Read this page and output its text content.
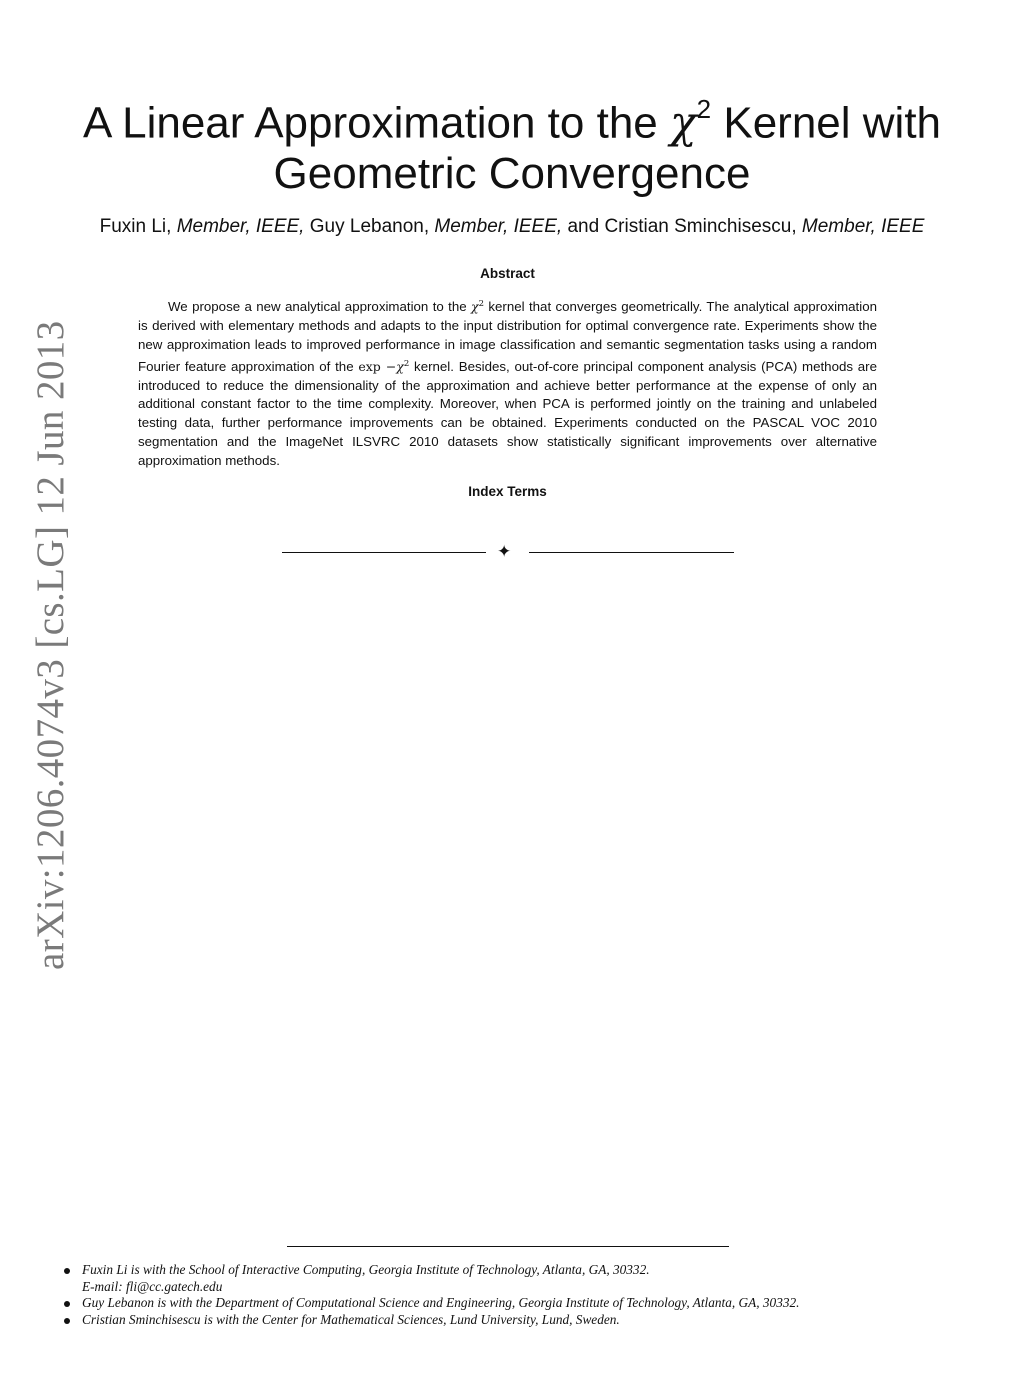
arXiv:1206.4074v3 [cs.LG] 12 Jun 2013
A Linear Approximation to the $\chi^2$ Kernel with
Geometric Convergence
Fuxin Li, Member, IEEE, Guy Lebanon, Member, IEEE, and Cristian Sminchisescu, Member, IEEE
Abstract

We propose a new analytical approximation to the $\chi^2$ kernel that converges geometrically. The analytical approximation is derived with elementary methods and adapts to the input distribution for optimal convergence rate. Experiments show the new approximation leads to improved performance in image classification and semantic segmentation tasks using a random Fourier feature approximation of the $\exp -\chi^2$ kernel. Besides, out-of-core principal component analysis (PCA) methods are introduced to reduce the dimensionality of the approximation and achieve better performance at the expense of only an additional constant factor to the time complexity. Moreover, when PCA is performed jointly on the training and unlabeled testing data, further performance improvements can be obtained. Experiments conducted on the PASCAL VOC 2010 segmentation and the ImageNet ILSVRC 2010 datasets show statistically significant improvements over alternative approximation methods.

Index Terms
✦
Fuxin Li is with the School of Interactive Computing, Georgia Institute of Technology, Atlanta, GA, 30332.
E-mail: fli@cc.gatech.edu
Guy Lebanon is with the Department of Computational Science and Engineering, Georgia Institute of Technology, Atlanta, GA, 30332.
Cristian Sminchisescu is with the Center for Mathematical Sciences, Lund University, Lund, Sweden.
